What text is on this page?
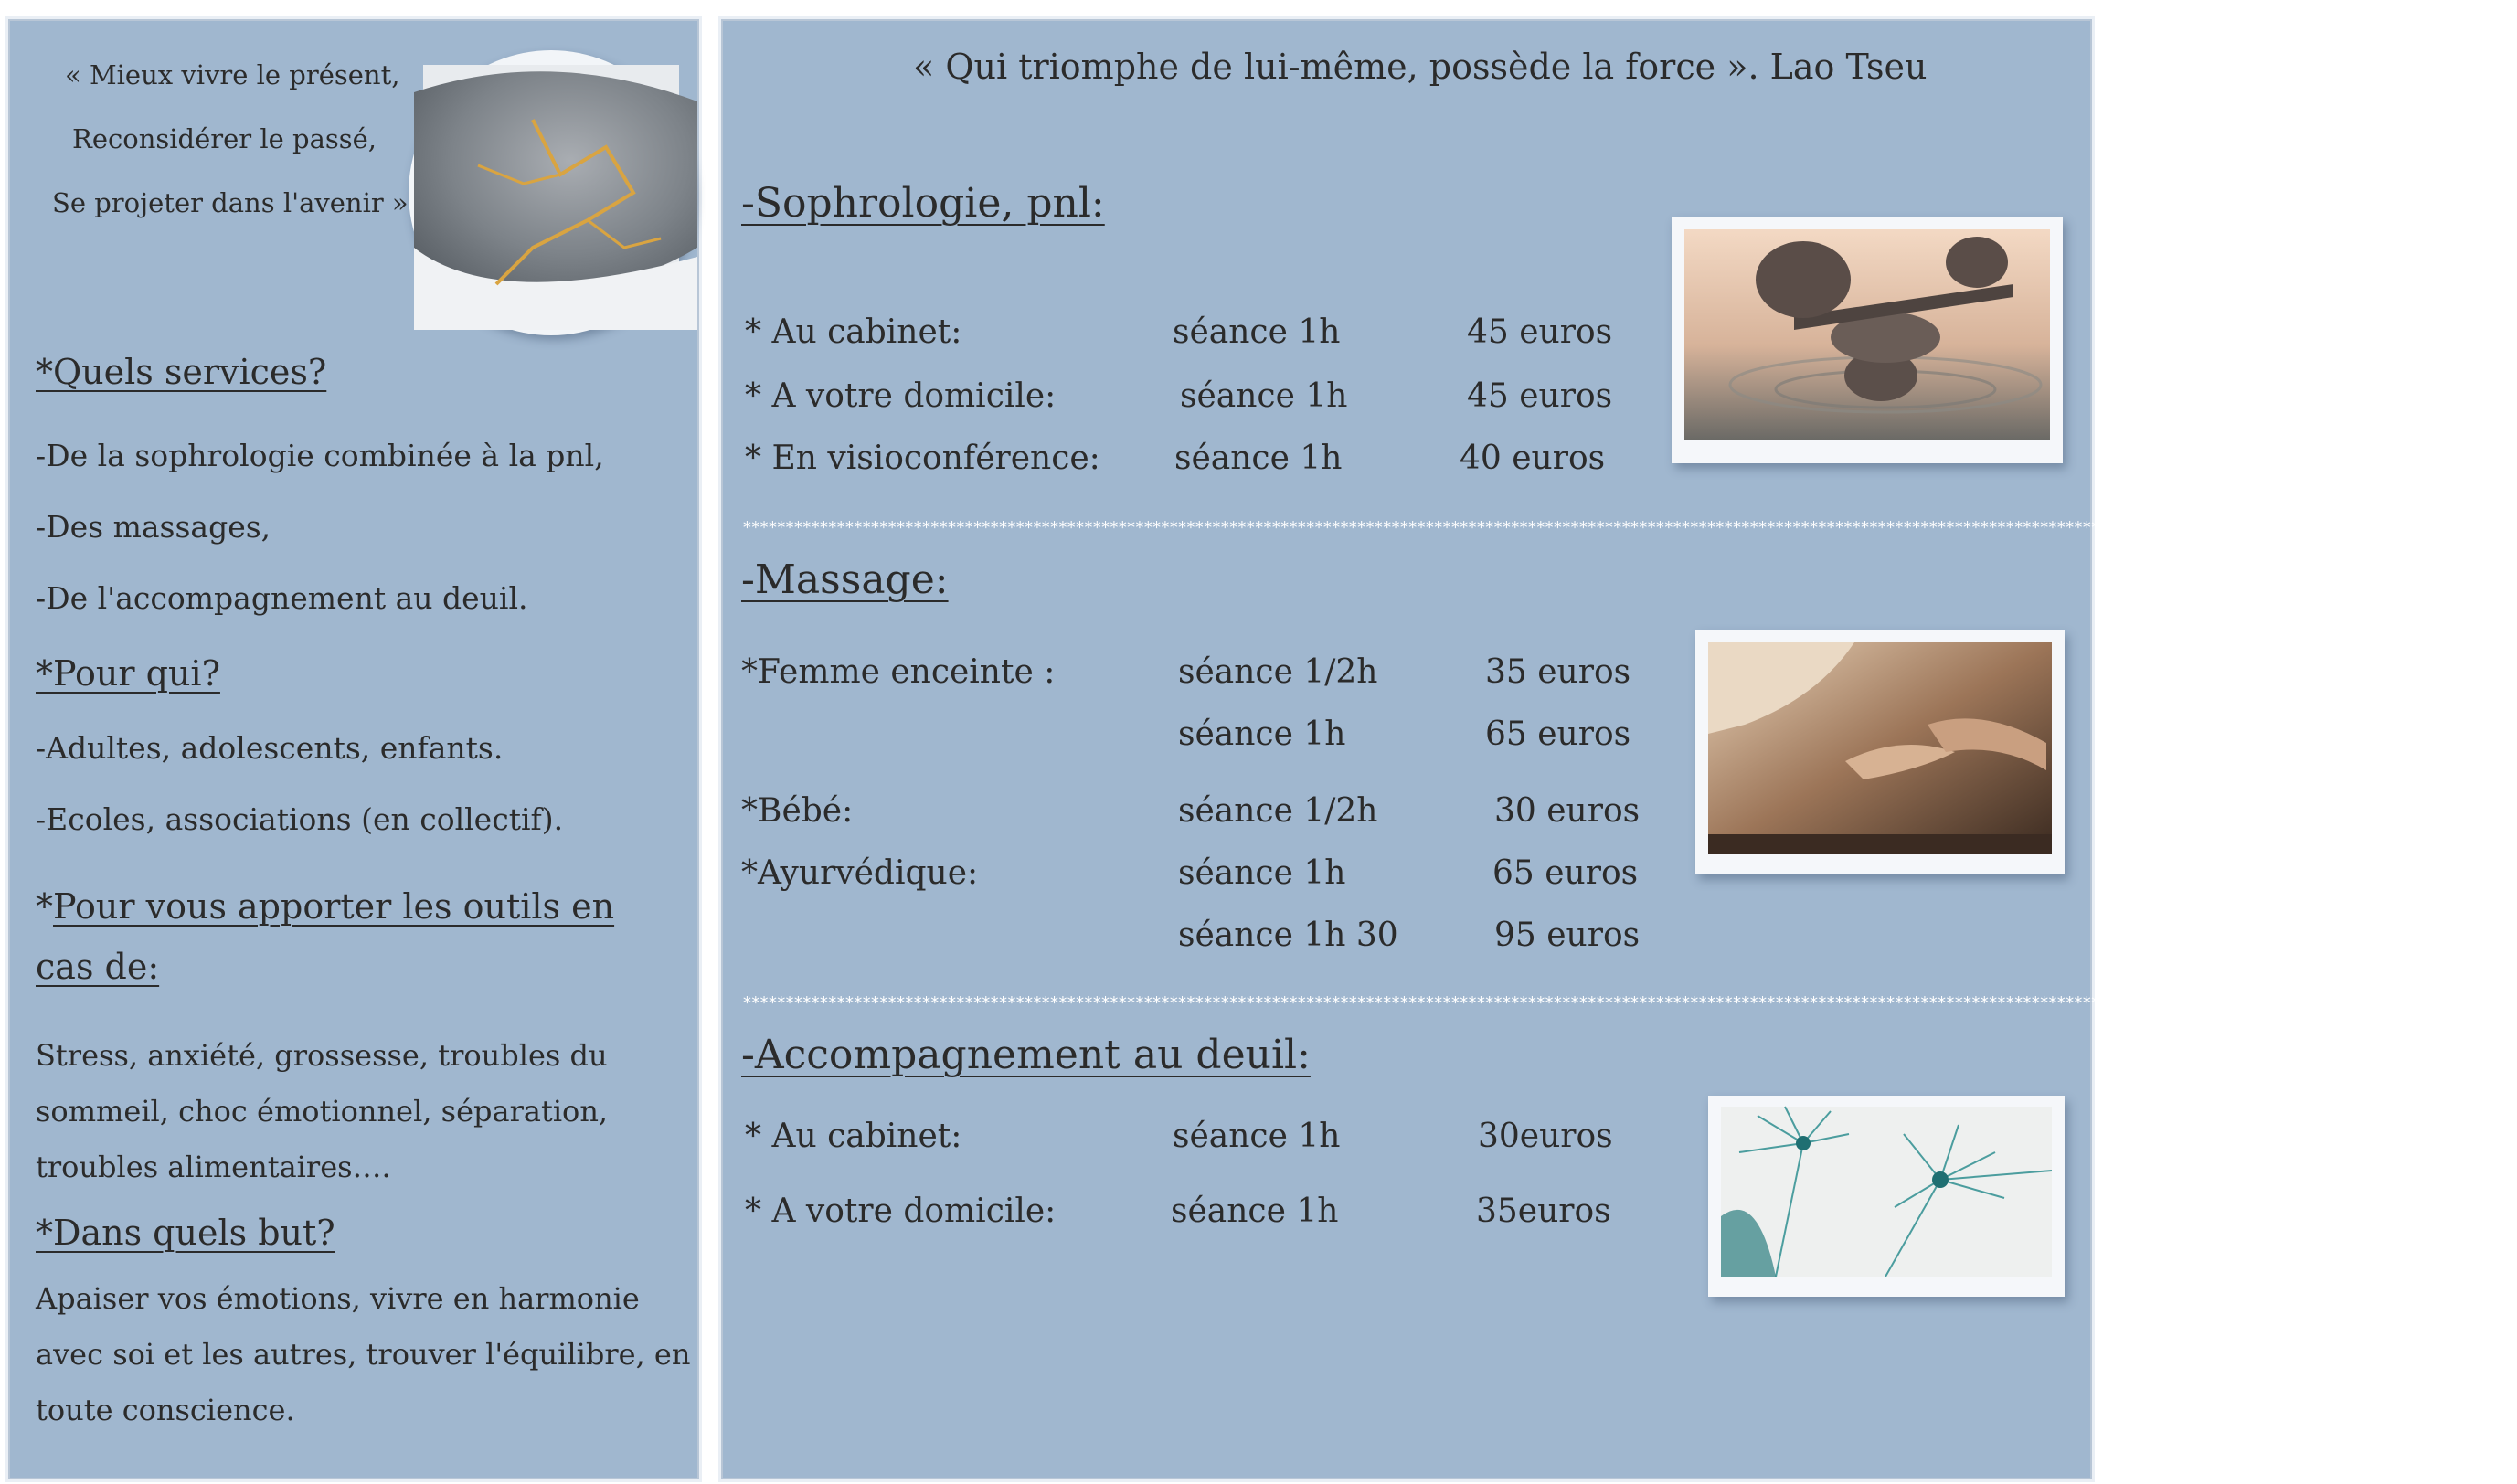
« Mieux vivre le présent,
Reconsidérer le passé,
Se projeter dans l'avenir »
*Quels services?
-De la sophrologie combinée à la pnl,
-Des massages,
-De l'accompagnement au deuil.
*Pour qui?
-Adultes, adolescents, enfants.
-Ecoles, associations (en collectif).
*Pour vous apporter les outils en cas de:
Stress, anxiété, grossesse, troubles du sommeil, choc émotionnel, séparation, troubles alimentaires….
*Dans quels but?
Apaiser vos émotions, vivre en harmonie avec soi et les autres, trouver l'équilibre, en toute conscience.
« Qui triomphe de lui-même, possède la force ». Lao Tseu
-Sophrologie, pnl:
* Au cabinet:	séance 1h	45 euros
* A votre domicile:	séance 1h	45 euros
* En visioconférence: séance 1h	40 euros
****************************************************************************************************************************************************************************************************************
-Massage:
*Femme enceinte :	séance 1/2h	35 euros
séance 1h	65 euros
*Bébé:	séance 1/2h	30 euros
*Ayurvédique:	séance 1h	65 euros
séance 1h 30	95 euros
****************************************************************************************************************************************************************************************************************
-Accompagnement au deuil:
* Au cabinet:	séance 1h	30euros
* A votre domicile:	séance 1h	35euros
